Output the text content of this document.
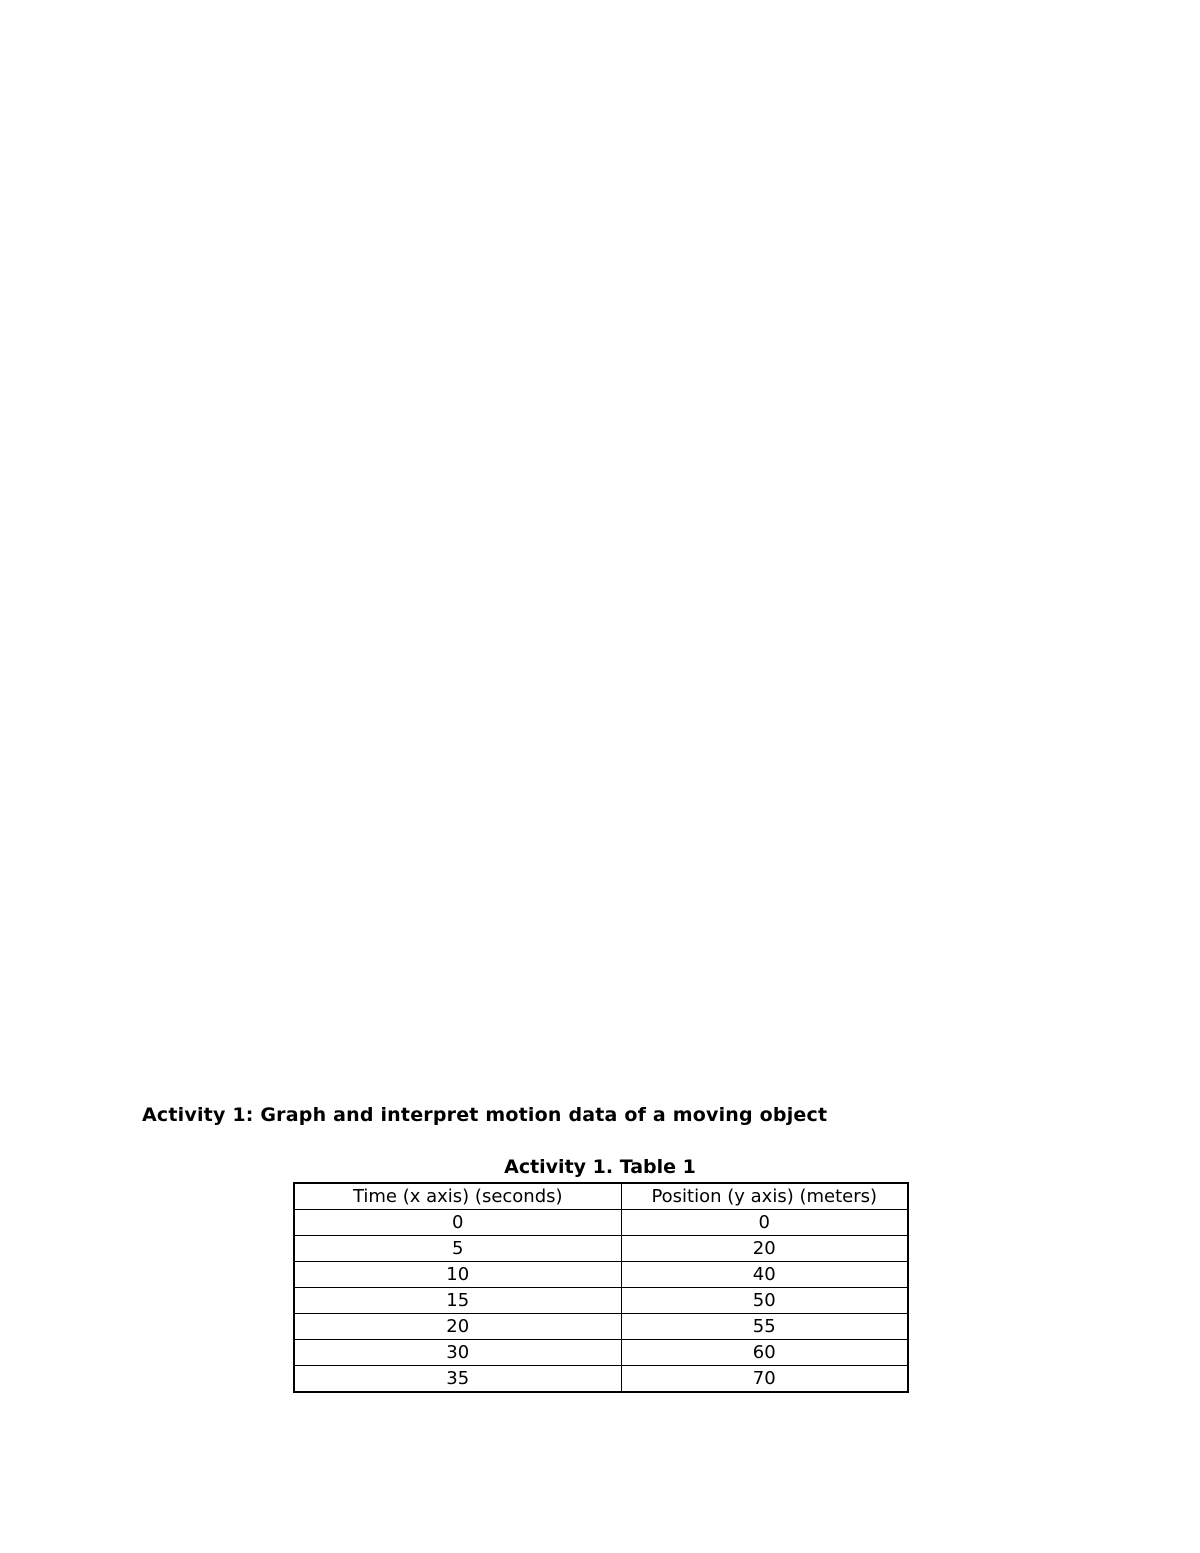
Activity 1: Graph and interpret motion data of a moving object
Activity 1. Table 1
Time (x axis) (seconds)	Position (y axis) (meters)
0	0
5	20
10	40
15	50
20	55
30	60
35	70
